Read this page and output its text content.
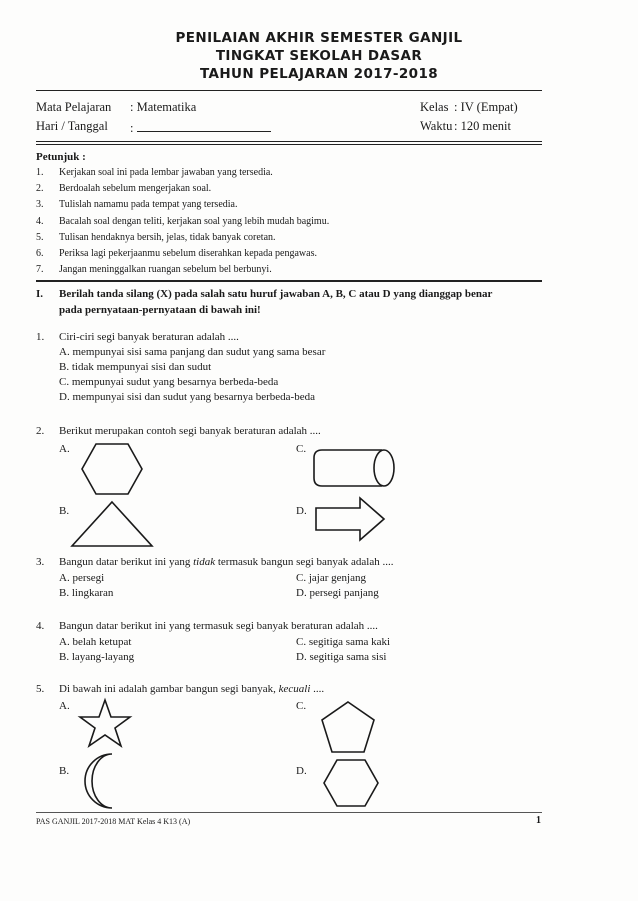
PENILAIAN AKHIR SEMESTER GANJIL
TINGKAT SEKOLAH DASAR
TAHUN PELAJARAN 2017-2018
Mata Pelajaran : Matematika
Hari / Tanggal :
Kelas : IV (Empat)
Waktu : 120 menit
Petunjuk :
1. Kerjakan soal ini pada lembar jawaban yang tersedia.
2. Berdoalah sebelum mengerjakan soal.
3. Tulislah namamu pada tempat yang tersedia.
4. Bacalah soal dengan teliti, kerjakan soal yang lebih mudah bagimu.
5. Tulisan hendaknya bersih, jelas, tidak banyak coretan.
6. Periksa lagi pekerjaanmu sebelum diserahkan kepada pengawas.
7. Jangan meninggalkan ruangan sebelum bel berbunyi.
I. Berilah tanda silang (X) pada salah satu huruf jawaban A, B, C atau D yang dianggap benar
pada pernyataan-pernyataan di bawah ini!
1. Ciri-ciri segi banyak beraturan adalah ....
A. mempunyai sisi sama panjang dan sudut yang sama besar
B. tidak mempunyai sisi dan sudut
C. mempunyai sudut yang besarnya berbeda-beda
D. mempunyai sisi dan sudut yang besarnya berbeda-beda
2. Berikut merupakan contoh segi banyak beraturan adalah ....
A.	C.
B.	D.
3. Bangun datar berikut ini yang tidak termasuk bangun segi banyak adalah ....
A. persegi
B. lingkaran
C. jajar genjang
D. persegi panjang
4. Bangun datar berikut ini yang termasuk segi banyak beraturan adalah ....
A. belah ketupat
B. layang-layang
C. segitiga sama kaki
D. segitiga sama sisi
5. Di bawah ini adalah gambar bangun segi banyak, kecuali ....
A.	C.
B.	D.
PAS GANJIL 2017-2018 MAT Kelas 4 K13 (A)	1
